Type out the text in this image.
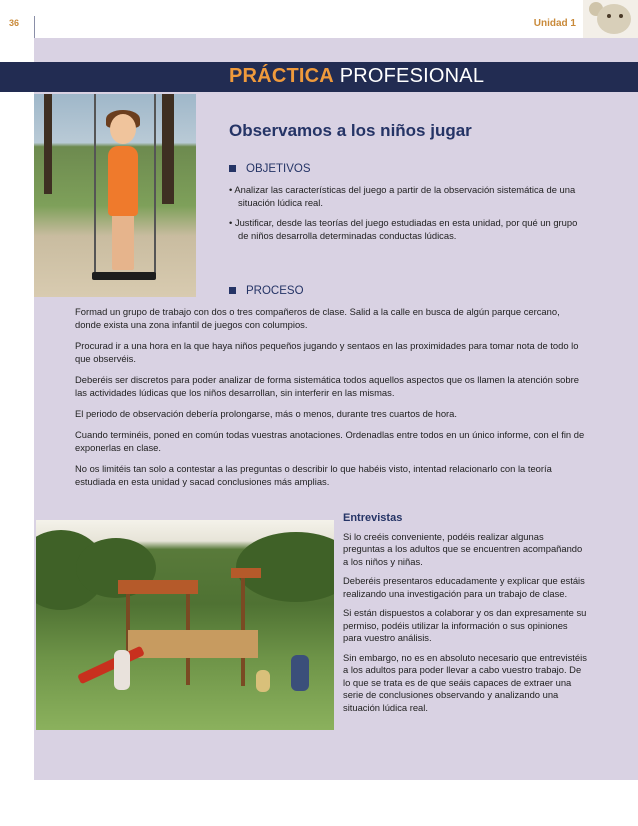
36	Unidad 1
PRÁCTICA PROFESIONAL
Observamos a los niños jugar
OBJETIVOS
• Analizar las características del juego a partir de la observación sistemática de una situación lúdica real.
• Justificar, desde las teorías del juego estudiadas en esta unidad, por qué un grupo de niños desarrolla determinadas conductas lúdicas.
PROCESO

Formad un grupo de trabajo con dos o tres compañeros de clase. Salid a la calle en busca de algún parque cercano, donde exista una zona infantil de juegos con columpios.

Procurad ir a una hora en la que haya niños pequeños jugando y sentaos en las proximidades para tomar nota de todo lo que observéis.

Deberéis ser discretos para poder analizar de forma sistemática todos aquellos aspectos que os llamen la atención sobre las actividades lúdicas que los niños desarrollan, sin interferir en las mismas.

El periodo de observación debería prolongarse, más o menos, durante tres cuartos de hora.

Cuando terminéis, poned en común todas vuestras anotaciones. Ordenadlas entre todos en un único informe, con el fin de exponerlas en clase.

No os limitéis tan solo a contestar a las preguntas o describir lo que habéis visto, intentad relacionarlo con la teoría estudiada en esta unidad y sacad conclusiones más amplias.

Entrevistas

Si lo creéis conveniente, podéis realizar algunas preguntas a los adultos que se encuentren acompañando a los niños y niñas.

Deberéis presentaros educadamente y explicar que estáis realizando una investigación para un trabajo de clase.

Si están dispuestos a colaborar y os dan expresamente su permiso, podéis utilizar la información o sus opiniones para vuestro análisis.

Sin embargo, no es en absoluto necesario que entrevistéis a los adultos para poder llevar a cabo vuestro trabajo. De lo que se trata es de que seáis capaces de extraer una serie de conclusiones observando y analizando una situación lúdica real.
